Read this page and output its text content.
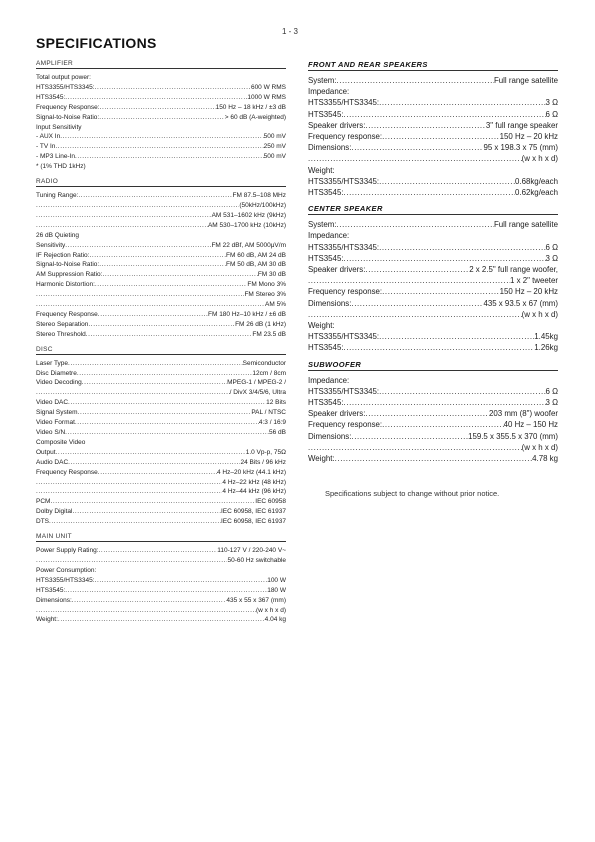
1 - 3
SPECIFICATIONS
AMPLIFIER
Total output power:
HTS3355/HTS3345: .....	600 W RMS
HTS3545: .....	1000 W RMS
Frequency Response: .....	150 Hz – 18 kHz / ±3 dB
Signal-to-Noise Ratio: .....	> 60 dB (A-weighted)
Input Sensitivity
- AUX In .....	500 mV
- TV In .....	250 mV
- MP3 Line-In .....	500 mV
* (1% THD 1kHz)
RADIO
Tuning Range: .....	FM 87.5–108 MHz
.....
(50kHz/100kHz)
.....
AM 531–1602 kHz (9kHz)
.....
AM 530–1700 kHz (10kHz)
26 dB Quieting
Sensitivity .....	FM 22 dBf, AM 5000μV/m
IF Rejection Ratio: .....	FM 60 dB, AM 24 dB
Signal-to-Noise Ratio: .....	FM 50 dB, AM 30 dB
AM Suppression Ratio: .....	FM 30 dB
Harmonic Distortion: .....	FM Mono 3%
.....
FM Stereo 3%
.....
AM 5%
Frequency Response .....	FM 180 Hz–10 kHz / ±6 dB
Stereo Separation .....	FM 26 dB (1 kHz)
Stereo Threshold .....	FM 23.5 dB
DISC
Laser Type .....	Semiconductor
Disc Diametre .....	12cm / 8cm
Video Decoding .....	MPEG-1 / MPEG-2 /
.....
/ DivX 3/4/5/6, Ultra
Video DAC .....	12 Bits
Signal System .....	PAL / NTSC
Video Format .....	4:3 / 16:9
Video S/N .....	56 dB
Composite Video
Output .....	1.0 Vp-p, 75Ω
Audio DAC .....	24 Bits / 96 kHz
Frequency Response .....	4 Hz–20 kHz (44.1 kHz)
.....
4 Hz–22 kHz (48 kHz)
.....
4 Hz–44 kHz (96 kHz)
PCM .....	IEC 60958
Dolby Digital .....	IEC 60958, IEC 61937
DTS .....	IEC 60958, IEC 61937
MAIN UNIT
Power Supply Rating: .....	110-127 V / 220-240 V~
.....
50-60 Hz switchable
Power Consumption:
HTS3355/HTS3345: .....	100 W
HTS3545: .....	180 W
Dimensions: .....	435 x 55 x 367 (mm)
.....
(w x h x d)
Weight: .....	4.04 kg
FRONT AND REAR SPEAKERS
System: .....	Full range satellite
Impedance:
HTS3355/HTS3345: .....	3 Ω
HTS3545: .....	6 Ω
Speaker drivers: .....	3" full range speaker
Frequency response: .....	150 Hz – 20 kHz
Dimensions: .....	95 x 198.3 x 75 (mm)
.....
(w x h x d)
Weight:
HTS3355/HTS3345: .....	0.68kg/each
HTS3545: .....	0.62kg/each
CENTER SPEAKER
System: .....	Full range satellite
Impedance:
HTS3355/HTS3345: .....	6 Ω
HTS3545: .....	3 Ω
Speaker drivers: .....	2 x 2.5" full range woofer,
.....
1 x 2" tweeter
Frequency response: .....	150 Hz – 20 kHz
Dimensions: .....	435 x 93.5 x 67 (mm)
.....
(w x h x d)
Weight:
HTS3355/HTS3345: .....	1.45kg
HTS3545: .....	1.26kg
SUBWOOFER
Impedance:
HTS3355/HTS3345: .....	6 Ω
HTS3545: .....	3 Ω
Speaker drivers: .....	203 mm (8") woofer
Frequency response: .....	40 Hz – 150 Hz
Dimensions: .....	159.5 x 355.5 x 370 (mm)
.....
(w x h x d)
Weight: .....	4.78 kg
Specifications subject to change without prior notice.
